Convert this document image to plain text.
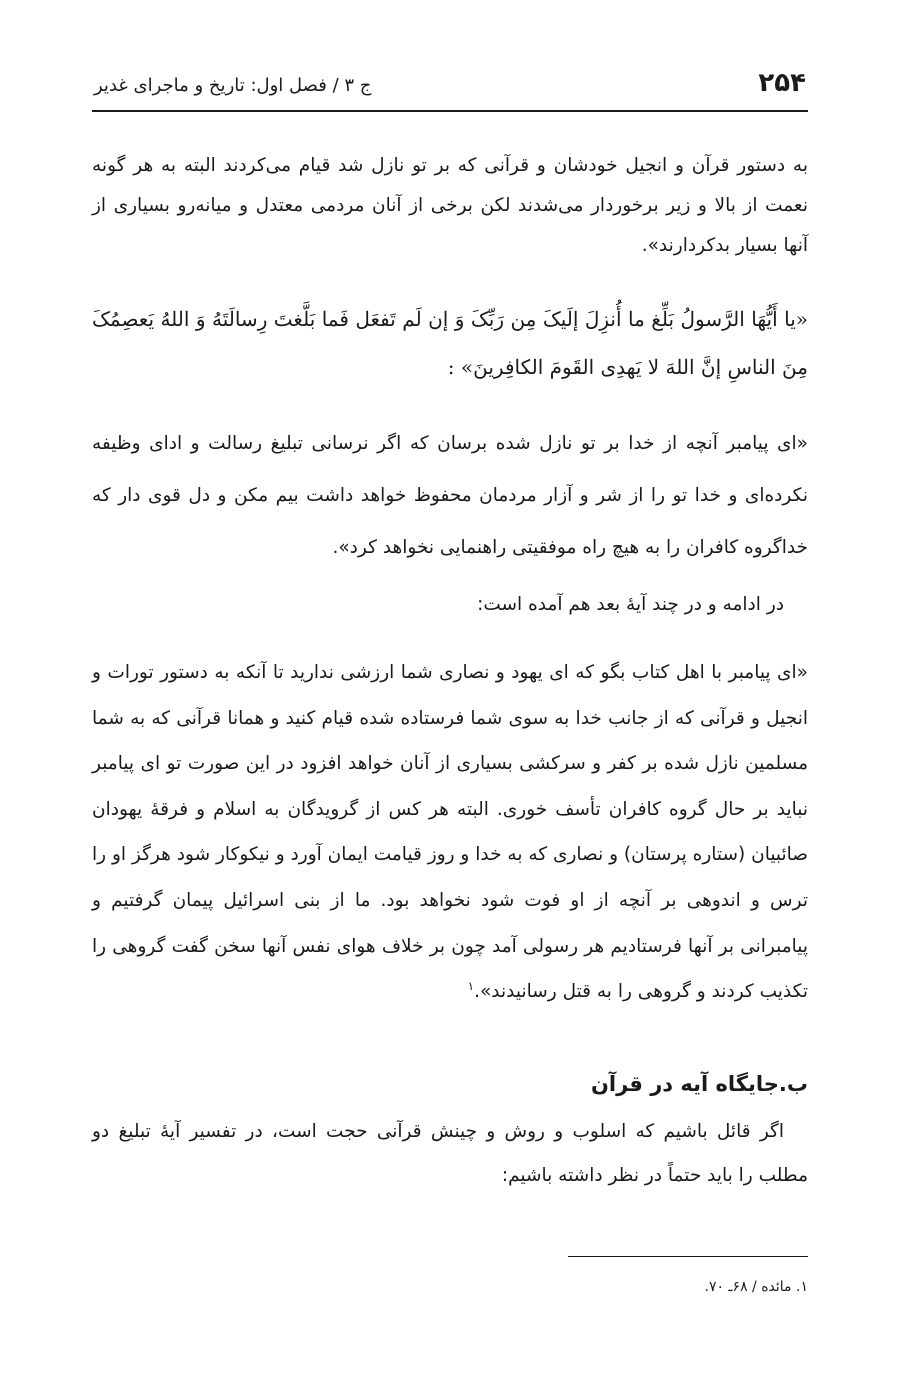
۲۵۴
ج ۳ / فصل اول: تاریخ و ماجرای غدیر

به دستور قرآن و انجیل خودشان و قرآنی که بر تو نازل شد قیام می‌کردند البته به هر گونه نعمت از بالا و زیر برخوردار می‌شدند لکن برخی از آنان مردمی معتدل و میانه‌رو بسیاری از آنها بسیار بدکردارند».

«یا أَیُّهَا الرَّسولُ بَلِّغ ما أُنزِلَ إلَیکَ مِن رَبِّکَ وَ إن لَم تَفعَل فَما بَلَّغتَ رِسالَتَهُ وَ اللهُ یَعصِمُکَ مِنَ الناسِ إنَّ اللهَ لا یَهدِی القَومَ الکافِرینَ» :

«ای پیامبر آنچه از خدا بر تو نازل شده برسان که اگر نرسانی تبلیغ رسالت و ادای وظیفه نکرده‌ای و خدا تو را از شر و آزار مردمان محفوظ خواهد داشت بیم مکن و دل قوی دار که خداگروه کافران را به هیچ راه موفقیتی راهنمایی نخواهد کرد».

در ادامه و در چند آیهٔ بعد هم آمده است:

«ای پیامبر با اهل کتاب بگو که ای یهود و نصاری شما ارزشی ندارید تا آنکه به دستور تورات و انجیل و قرآنی که از جانب خدا به سوی شما فرستاده شده قیام کنید و همانا قرآنی که به شما مسلمین نازل شده بر کفر و سرکشی بسیاری از آنان خواهد افزود در این صورت تو ای پیامبر نباید بر حال گروه کافران تأسف خوری. البته هر کس از گرویدگان به اسلام و فرقهٔ یهودان صائبیان (ستاره پرستان) و نصاری که به خدا و روز قیامت ایمان آورد و نیکوکار شود هرگز او را ترس و اندوهی بر آنچه از او فوت شود نخواهد بود. ما از بنی اسرائیل پیمان گرفتیم و پیامبرانی بر آنها فرستادیم هر رسولی آمد چون بر خلاف هوای نفس آنها سخن گفت گروهی را تکذیب کردند و گروهی را به قتل رسانیدند».$^۱$

ب.جایگاه آیه در قرآن

اگر قائل باشیم که اسلوب و روش و چینش قرآنی حجت است، در تفسیر آیهٔ تبلیغ دو مطلب را باید حتماً در نظر داشته باشیم:

۱. مائده / ۶۸ـ ۷۰.
